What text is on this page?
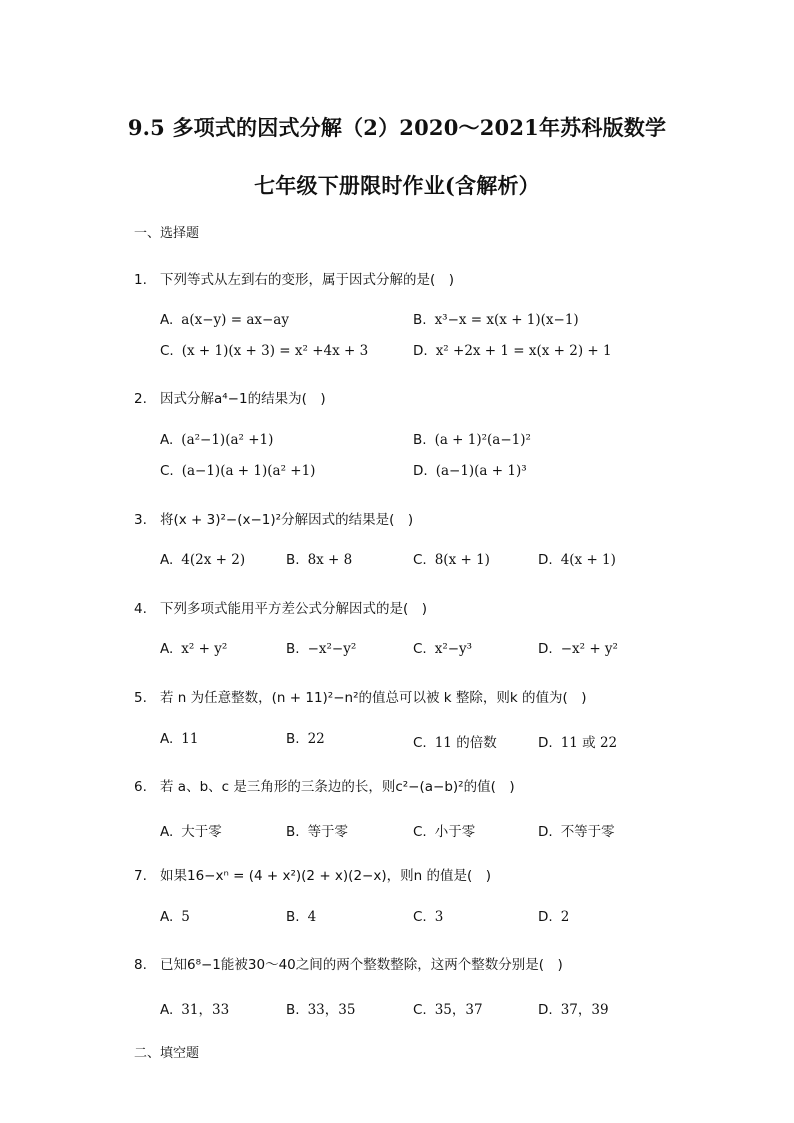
9.5 多项式的因式分解（2）2020～2021年苏科版数学
七年级下册限时作业(含解析）
一、选择题
1. 下列等式从左到右的变形，属于因式分解的是(　)
A. a(x−y) = ax−ay	B. x³−x = x(x + 1)(x−1)
C. (x + 1)(x + 3) = x² +4x + 3	D. x² +2x + 1 = x(x + 2) + 1
2. 因式分解a⁴−1的结果为(　)
A. (a²−1)(a² +1)	B. (a + 1)²(a−1)²
C. (a−1)(a + 1)(a² +1)	D. (a−1)(a + 1)³
3. 将(x + 3)²−(x−1)²分解因式的结果是(　)
A. 4(2x + 2)	B. 8x + 8	C. 8(x + 1)	D. 4(x + 1)
4. 下列多项式能用平方差公式分解因式的是(　)
A. x² + y²	B. −x²−y²	C. x²−y³	D. −x² + y²
5. 若 n 为任意整数，(n + 11)²−n²的值总可以被 k 整除，则k 的值为(　)
A. 11	B. 22	C. 11 的倍数	D. 11 或 22
6. 若 a、b、c 是三角形的三条边的长，则c²−(a−b)²的值(　)
A. 大于零	B. 等于零	C. 小于零	D. 不等于零
7. 如果16−xⁿ = (4 + x²)(2 + x)(2−x)，则n 的值是(　)
A. 5	B. 4	C. 3	D. 2
8. 已知6⁸−1能被30～40之间的两个整数整除，这两个整数分别是(　)
A. 31，33	B. 33，35	C. 35，37	D. 37，39
二、填空题
